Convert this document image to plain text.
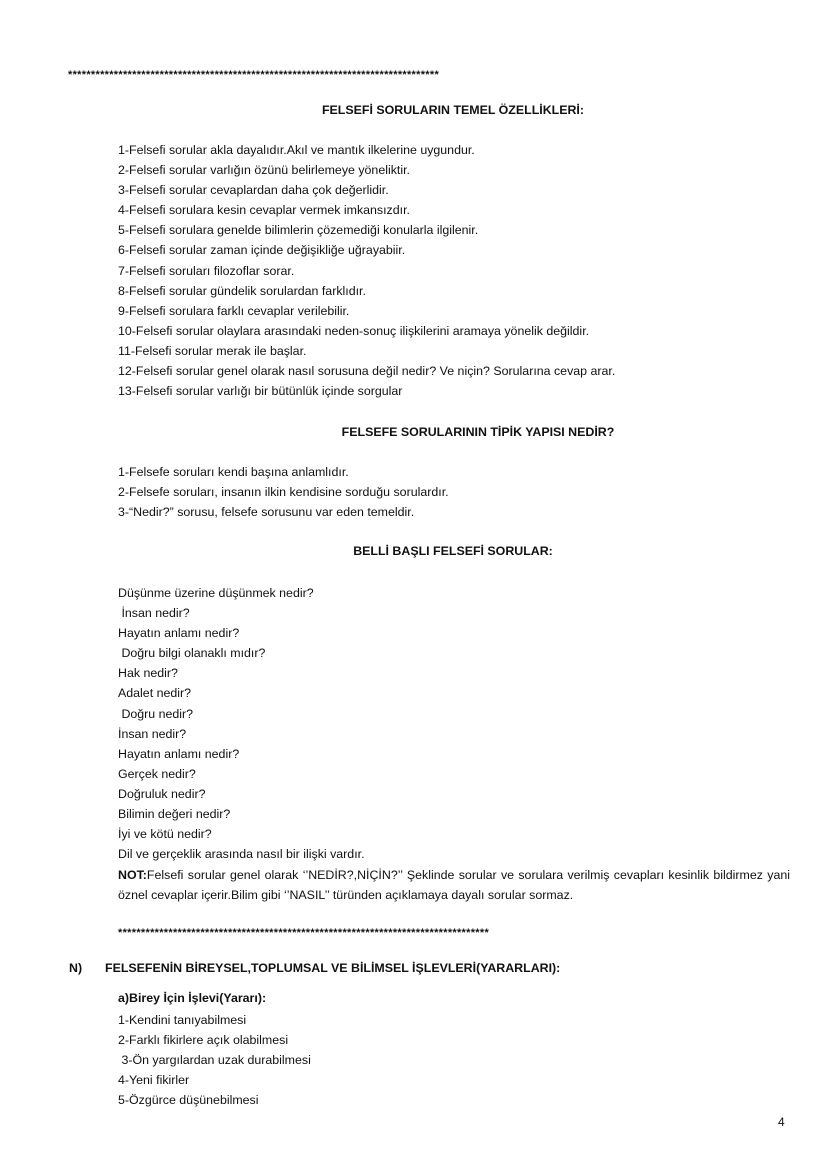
*********************************************************************************
FELSEFİ SORULARIN TEMEL ÖZELLİKLERİ:
1-Felsefi sorular akla dayalıdır.Akıl ve mantık ilkelerine uygundur.
2-Felsefi sorular varlığın özünü belirlemeye yöneliktir.
3-Felsefi sorular cevaplardan daha çok değerlidir.
4-Felsefi sorulara kesin cevaplar vermek imkansızdır.
5-Felsefi sorulara genelde bilimlerin çözemediği konularla ilgilenir.
6-Felsefi sorular zaman içinde değişikliğe uğrayabiir.
7-Felsefi soruları filozoflar sorar.
8-Felsefi sorular gündelik sorulardan farklıdır.
9-Felsefi sorulara farklı cevaplar verilebilir.
10-Felsefi sorular olaylara arasındaki neden-sonuç ilişkilerini aramaya yönelik değildir.
11-Felsefi sorular merak ile başlar.
12-Felsefi sorular genel olarak nasıl sorusuna değil nedir? Ve niçin? Sorularına cevap arar.
13-Felsefi sorular varlığı bir bütünlük içinde sorgular
FELSEFE SORULARININ TİPİK YAPISI NEDİR?
1-Felsefe soruları kendi başına anlamlıdır.
2-Felsefe soruları, insanın ilkin kendisine sorduğu sorulardır.
3-“Nedir?” sorusu, felsefe sorusunu var eden temeldir.
BELLİ BAŞLI FELSEFİ SORULAR:
Düşünme üzerine düşünmek nedir?
İnsan nedir?
Hayatın anlamı nedir?
Doğru bilgi olanaklı mıdır?
Hak nedir?
Adalet nedir?
Doğru nedir?
İnsan nedir?
Hayatın anlamı nedir?
Gerçek nedir?
Doğruluk nedir?
Bilimin değeri nedir?
İyi ve kötü nedir?
Dil ve gerçeklik arasında nasıl bir ilişki vardır.
NOT:Felsefi sorular genel olarak ‘’NEDİR?,NİÇİN?’’ Şeklinde sorular ve sorulara verilmiş cevapları kesinlik bildirmez yani öznel cevaplar içerir.Bilim gibi ‘’NASIL’’ türünden açıklamaya dayalı sorular sormaz.
*********************************************************************************
N) FELSEFENİN BİREYSEL,TOPLUMSAL VE BİLİMSEL İŞLEVLERİ(YARARLARI):
a)Birey İçin İşlevi(Yararı):
1-Kendini tanıyabilmesi
2-Farklı fikirlere açık olabilmesi
3-Ön yargılardan uzak durabilmesi
4-Yeni fikirler
5-Özgürce düşünebilmesi
4
